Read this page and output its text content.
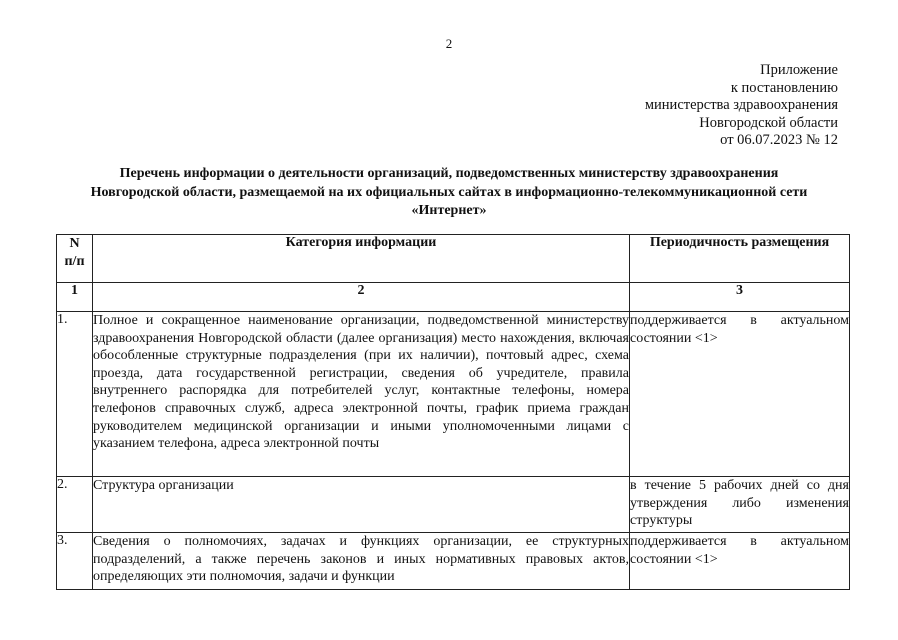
2
Приложение
к постановлению
министерства здравоохранения
Новгородской области
от 06.07.2023 № 12
Перечень информации о деятельности организаций, подведомственных министерству здравоохранения
Новгородской области, размещаемой на их официальных сайтах в информационно-телекоммуникационной сети
«Интернет»
N
п/п	Категория информации	Периодичность размещения
1	2	3
1.	Полное и сокращенное наименование организации, подведомственной министерству здравоохранения Новгородской области (далее организация) место нахождения, включая обособленные структурные подразделения (при их наличии), почтовый адрес, схема проезда, дата государственной регистрации, сведения об учредителе, правила внутреннего распорядка для потребителей услуг, контактные телефоны, номера телефонов справочных служб, адреса электронной почты, график приема граждан руководителем медицинской организации и иными уполномоченными лицами с указанием телефона, адреса электронной почты	поддерживается в актуальном состоянии <1>
2.	Структура организации	в течение 5 рабочих дней со дня утверждения либо изменения структуры
3.	Сведения о полномочиях, задачах и функциях организации, ее структурных подразделений, а также перечень законов и иных нормативных правовых актов, определяющих эти полномочия, задачи и функции	поддерживается в актуальном состоянии <1>
